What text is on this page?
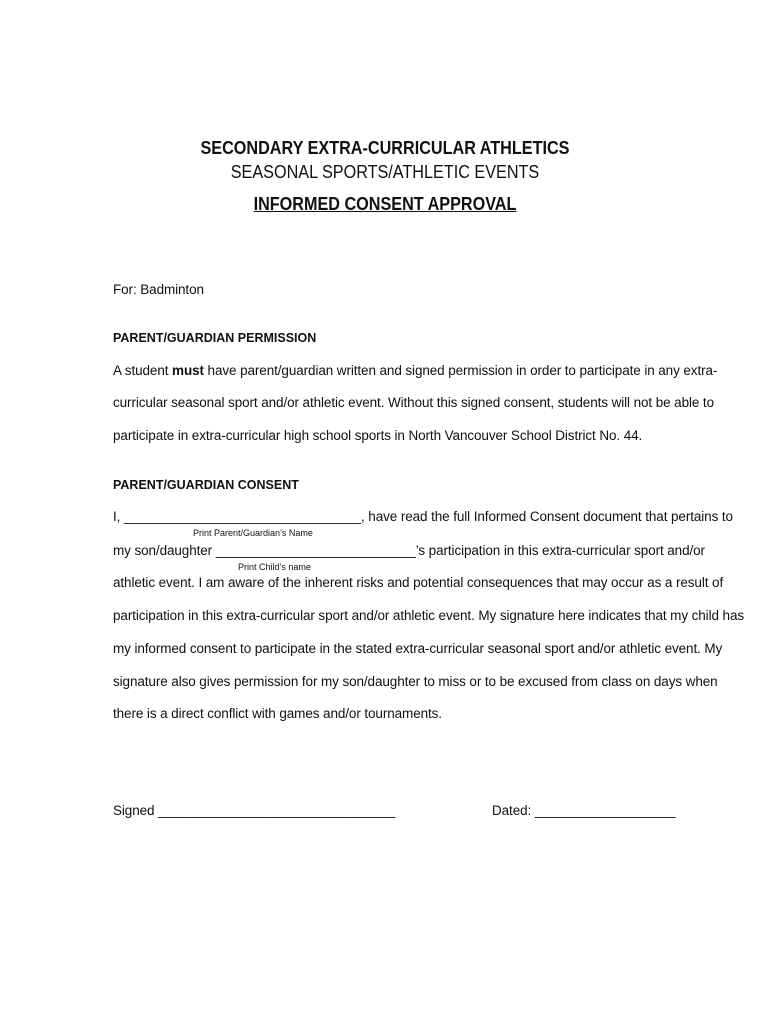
SECONDARY EXTRA-CURRICULAR ATHLETICS
SEASONAL SPORTS/ATHLETIC EVENTS
INFORMED CONSENT APPROVAL
For: Badminton
PARENT/GUARDIAN PERMISSION
A student must have parent/guardian written and signed permission in order to participate in any extra-
curricular seasonal sport and/or athletic event. Without this signed consent, students will not be able to
participate in extra-curricular high school sports in North Vancouver School District No. 44.
PARENT/GUARDIAN CONSENT
I, ________________________________, have read the full Informed Consent document that pertains to
Print Parent/Guardian’s Name
my son/daughter ___________________________’s participation in this extra-curricular sport and/or
Print Child’s name
athletic event. I am aware of the inherent risks and potential consequences that may occur as a result of
participation in this extra-curricular sport and/or athletic event. My signature here indicates that my child has
my informed consent to participate in the stated extra-curricular seasonal sport and/or athletic event. My
signature also gives permission for my son/daughter to miss or to be excused from class on days when
there is a direct conflict with games and/or tournaments.
Signed ________________________________	Dated: ___________________
